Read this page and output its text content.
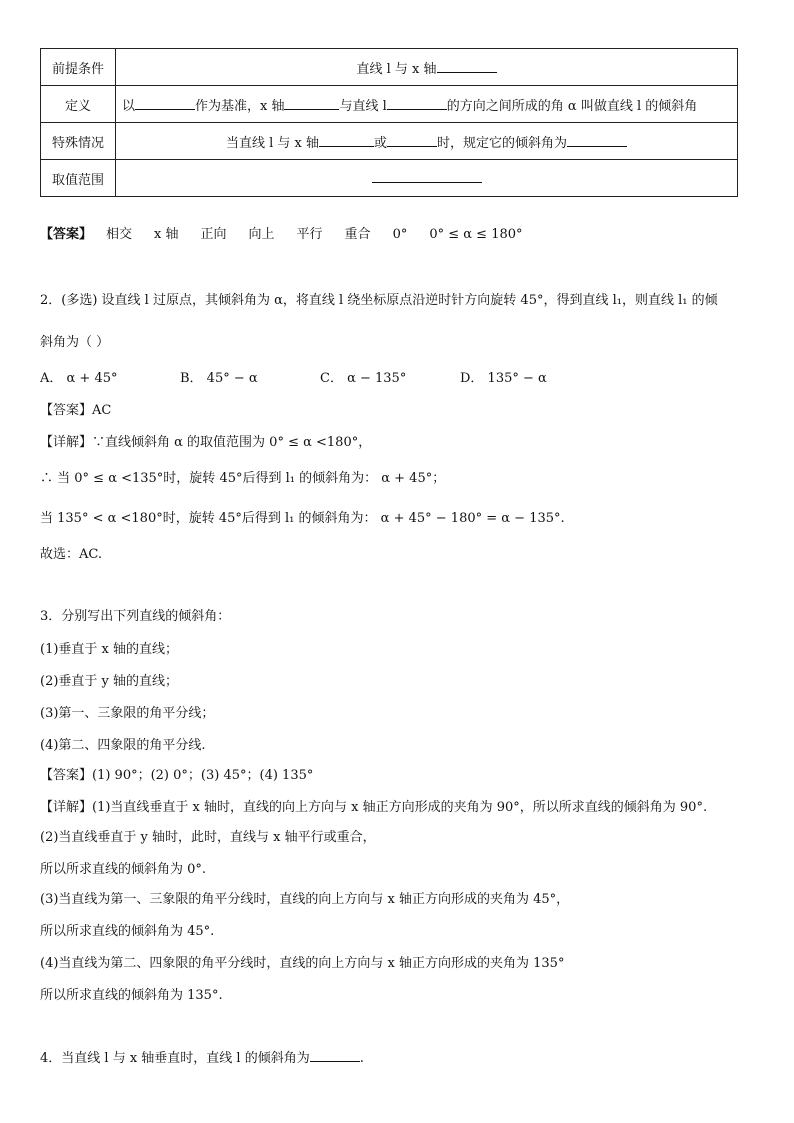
前提条件	直线 l 与 x 轴
定义	以 作为基准，x 轴 与直线 l 的方向之间所成的角 α 叫做直线 l 的倾斜角
特殊情况	当直线 l 与 x 轴 或 时，规定它的倾斜角为
取值范围	
【答案】 相交 x 轴 正向 向上 平行 重合 0° 0° ≤ α ≤ 180°
2．(多选) 设直线 l 过原点，其倾斜角为 α，将直线 l 绕坐标原点沿逆时针方向旋转 45°，得到直线 l₁，则直线 l₁ 的倾
斜角为（ ）
A． α + 45°	B． 45° − α	C． α − 135°	D． 135° − α
【答案】AC
【详解】∵直线倾斜角 α 的取值范围为 0° ≤ α <180°，
∴ 当 0° ≤ α <135°时，旋转 45°后得到 l₁ 的倾斜角为： α + 45°；
当 135° < α <180°时，旋转 45°后得到 l₁ 的倾斜角为： α + 45° − 180° = α − 135°.
故选：AC.
3．分别写出下列直线的倾斜角：
(1)垂直于 x 轴的直线；
(2)垂直于 y 轴的直线；
(3)第一、三象限的角平分线；
(4)第二、四象限的角平分线.
【答案】(1) 90°；(2) 0°；(3) 45°；(4) 135°
【详解】(1)当直线垂直于 x 轴时，直线的向上方向与 x 轴正方向形成的夹角为 90°，所以所求直线的倾斜角为 90°.
(2)当直线垂直于 y 轴时，此时，直线与 x 轴平行或重合，
所以所求直线的倾斜角为 0°.
(3)当直线为第一、三象限的角平分线时，直线的向上方向与 x 轴正方向形成的夹角为 45°，
所以所求直线的倾斜角为 45°.
(4)当直线为第二、四象限的角平分线时，直线的向上方向与 x 轴正方向形成的夹角为 135°
所以所求直线的倾斜角为 135°.
4．当直线 l 与 x 轴垂直时，直线 l 的倾斜角为	.
